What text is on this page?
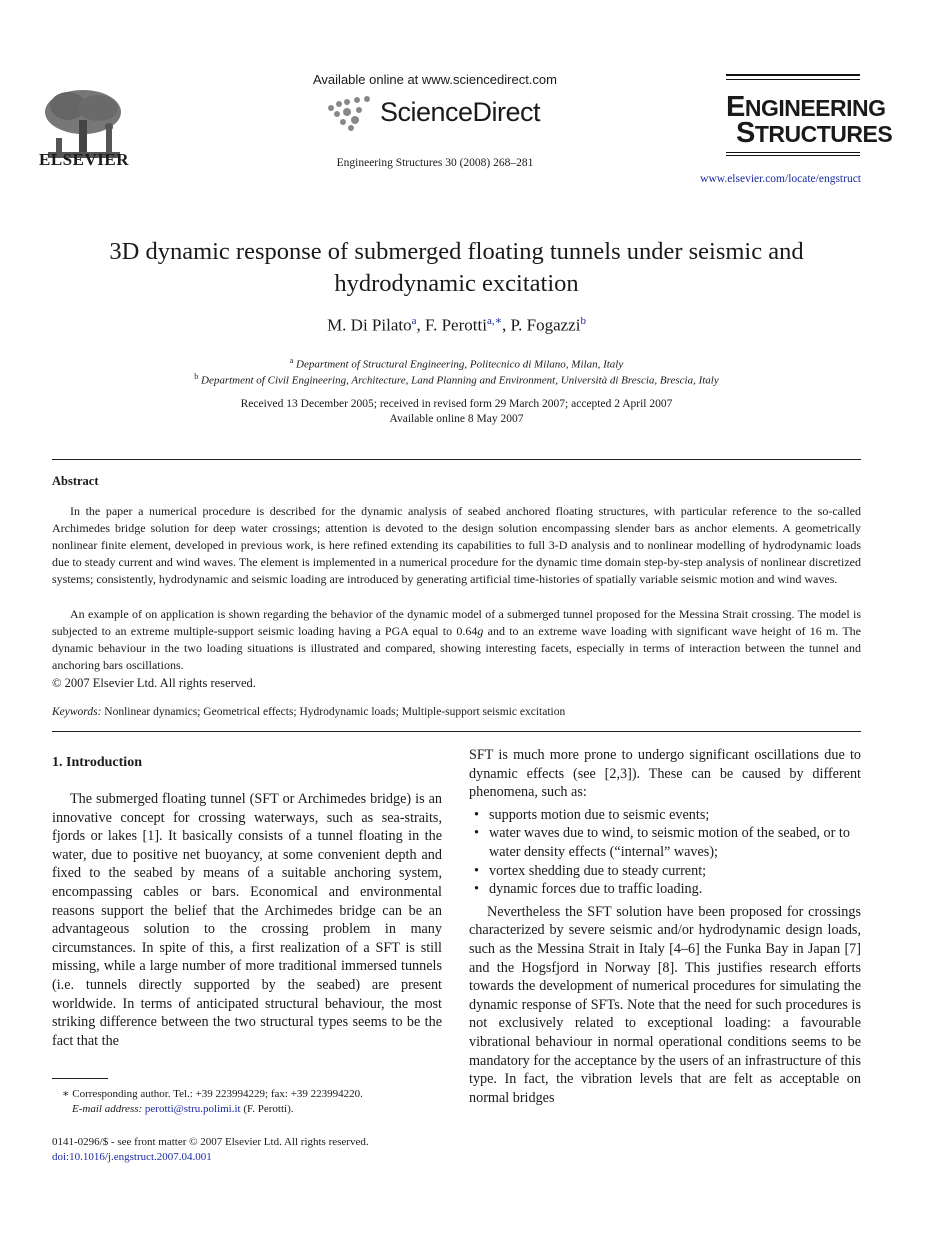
ELSEVIER
Available online at www.sciencedirect.com
ScienceDirect
Engineering Structures 30 (2008) 268–281
ENGINEERING
STRUCTURES
www.elsevier.com/locate/engstruct
3D dynamic response of submerged floating tunnels under seismic and hydrodynamic excitation
M. Di Pilato$^a$, F. Perotti$^{a,∗}$, P. Fogazzi$^b$
$^a$ Department of Structural Engineering, Politecnico di Milano, Milan, Italy
$^b$ Department of Civil Engineering, Architecture, Land Planning and Environment, Università di Brescia, Brescia, Italy
Received 13 December 2005; received in revised form 29 March 2007; accepted 2 April 2007
Available online 8 May 2007
Abstract
In the paper a numerical procedure is described for the dynamic analysis of seabed anchored floating structures, with particular reference to the so-called Archimedes bridge solution for deep water crossings; attention is devoted to the design solution encompassing slender bars as anchor elements. A geometrically nonlinear finite element, developed in previous work, is here refined extending its capabilities to full 3-D analysis and to nonlinear modelling of hydrodynamic loads due to steady current and wind waves. The element is implemented in a numerical procedure for the dynamic time domain step-by-step analysis of nonlinear discretized systems; consistently, hydrodynamic and seismic loading are introduced by generating artificial time-histories of spatially variable seismic motion and wind waves.
An example of on application is shown regarding the behavior of the dynamic model of a submerged tunnel proposed for the Messina Strait crossing. The model is subjected to an extreme multiple-support seismic loading having a PGA equal to 0.64g and to an extreme wave loading with significant wave height of 16 m. The dynamic behaviour in the two loading situations is illustrated and compared, showing interesting facets, especially in terms of interaction between the tunnel and anchoring bars oscillations.
© 2007 Elsevier Ltd. All rights reserved.
Keywords: Nonlinear dynamics; Geometrical effects; Hydrodynamic loads; Multiple-support seismic excitation
1. Introduction

The submerged floating tunnel (SFT or Archimedes bridge) is an innovative concept for crossing waterways, such as sea-straits, fjords or lakes [1]. It basically consists of a tunnel floating in the water, due to positive net buoyancy, at some convenient depth and fixed to the seabed by means of a suitable anchoring system, encompassing cables or bars. Economical and environmental reasons support the belief that the Archimedes bridge can be an advantageous solution to the crossing problem in many circumstances. In spite of this, a first realization of a SFT is still missing, while a large number of more traditional immersed tunnels (i.e. tunnels directly supported by the seabed) are present worldwide. In terms of anticipated structural behaviour, the most striking difference between the two structural types seems to be the fact that the

SFT is much more prone to undergo significant oscillations due to dynamic effects (see [2,3]). These can be caused by different phenomena, such as:

• supports motion due to seismic events;
• water waves due to wind, to seismic motion of the seabed, or to water density effects (“internal” waves);
• vortex shedding due to steady current;
• dynamic forces due to traffic loading.

Nevertheless the SFT solution have been proposed for crossings characterized by severe seismic and/or hydrodynamic design loads, such as the Messina Strait in Italy [4–6] the Funka Bay in Japan [7] and the Hogsfjord in Norway [8]. This justifies research efforts towards the development of numerical procedures for simulating the dynamic response of SFTs. Note that the need for such procedures is not exclusively related to exceptional loading: a favourable vibrational behaviour in normal operational conditions seems to be mandatory for the acceptance by the users of an infrastructure of this type. In fact, the vibration levels that are felt as acceptable on normal bridges

∗ Corresponding author. Tel.: +39 223994229; fax: +39 223994220.
E-mail address: perotti@stru.polimi.it (F. Perotti).
0141-0296/$ - see front matter © 2007 Elsevier Ltd. All rights reserved.
doi:10.1016/j.engstruct.2007.04.001
